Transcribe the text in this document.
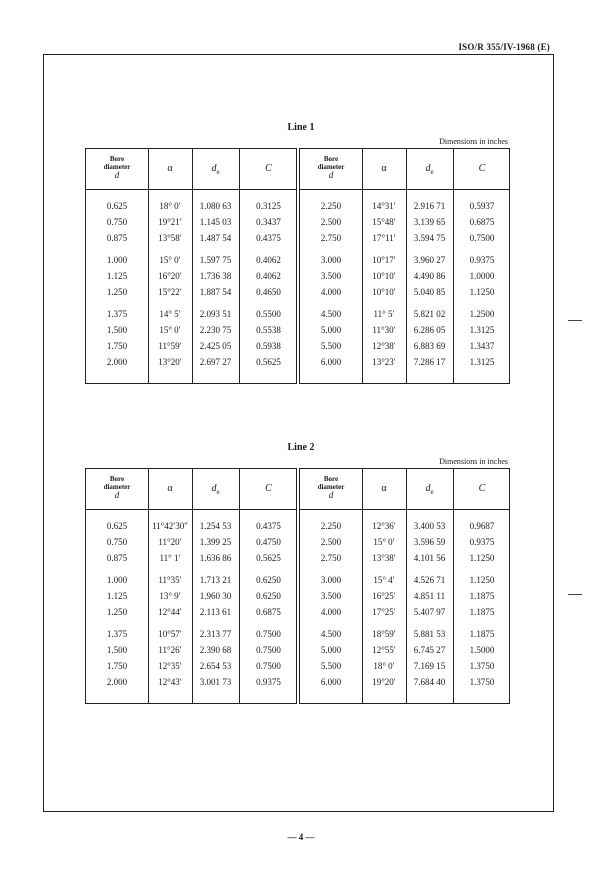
ISO/R 355/IV-1968 (E)
Line 1
Dimensions in inches
Bore
diameter
d
α	$d_e$	C
0.625	18° 0′	1.080 63	0.3125
0.750	19°21′	1.145 03	0.3437
0.875	13°58′	1.487 54	0.4375
1.000	15° 0′	1.597 75	0.4062
1.125	16°20′	1.736 38	0.4062
1.250	15°22′	1.887 54	0.4650
1.375	14° 5′	2.093 51	0.5500
1.500	15° 0′	2.230 75	0.5538
1.750	11°59′	2.425 05	0.5938
2.000	13°20′	2.697 27	0.5625
Bore
diameter
d
α	$d_e$	C
2.250	14°31′	2.916 71	0.5937
2.500	15°48′	3.139 65	0.6875
2.750	17°11′	3.594 75	0.7500
3.000	10°17′	3.960 27	0.9375
3.500	10°10′	4.490 86	1.0000
4.000	10°10′	5.040 85	1.1250
4.500	11° 5′	5.821 02	1.2500
5.000	11°30′	6.286 05	1.3125
5.500	12°38′	6.883 69	1.3437
6.000	13°23′	7.286 17	1.3125
Line 2
Dimensions in inches
Bore
diameter
d
α	$d_e$	C
0.625	11°42′30″	1.254 53	0.4375
0.750	11°20′	1.399 25	0.4750
0.875	11° 1′	1.636 86	0.5625
1.000	11°35′	1.713 21	0.6250
1.125	13° 9′	1.960 30	0.6250
1.250	12°44′	2.113 61	0.6875
1.375	10°57′	2.313 77	0.7500
1.500	11°26′	2.390 68	0.7500
1.750	12°35′	2.654 53	0.7500
2.000	12°43′	3.001 73	0.9375
Bore
diameter
d
α	$d_e$	C
2.250	12°36′	3.400 53	0.9687
2.500	15° 0′	3.596 59	0.9375
2.750	13°38′	4.101 56	1.1250
3.000	15° 4′	4.526 71	1.1250
3.500	16°25′	4.851 11	1.1875
4.000	17°25′	5.407 97	1.1875
4.500	18°59′	5.881 53	1.1875
5.000	12°55′	6.745 27	1.5000
5.500	18° 0′	7.169 15	1.3750
6.000	19°20′	7.684 40	1.3750
— 4 —
